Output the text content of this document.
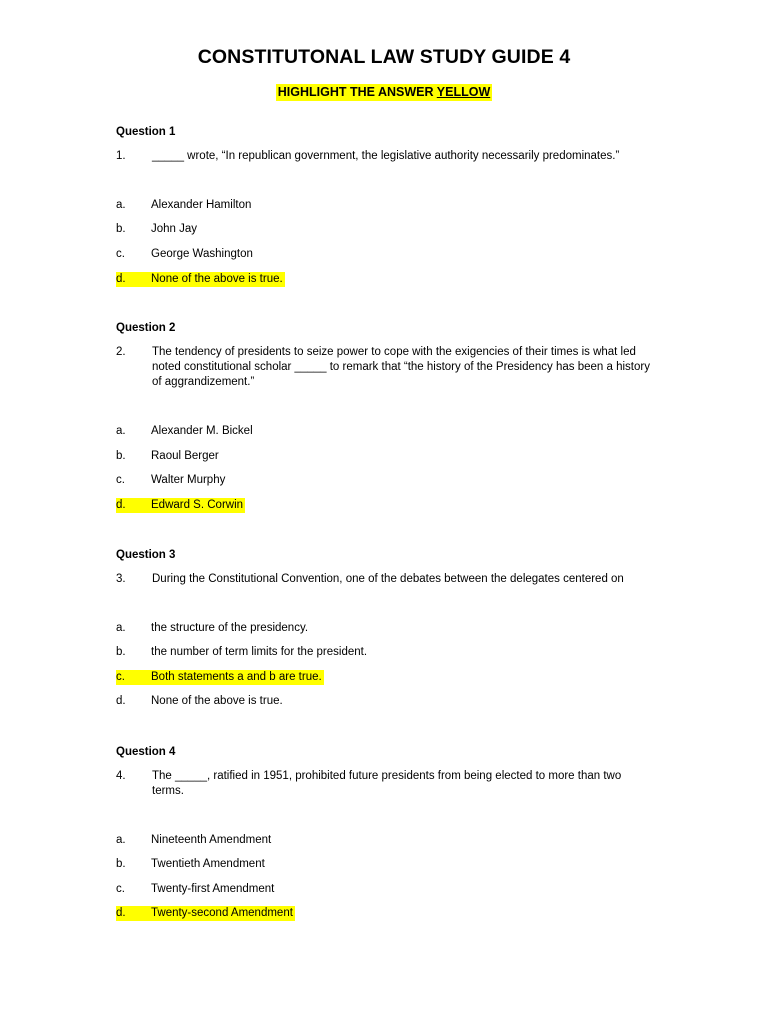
CONSTITUTONAL LAW STUDY GUIDE 4
HIGHLIGHT THE ANSWER YELLOW
Question 1
1. _____ wrote, “In republican government, the legislative authority necessarily predominates.”
a. Alexander Hamilton
b. John Jay
c. George Washington
d. None of the above is true.
Question 2
2. The tendency of presidents to seize power to cope with the exigencies of their times is what led noted constitutional scholar _____ to remark that “the history of the Presidency has been a history of aggrandizement.”
a. Alexander M. Bickel
b. Raoul Berger
c. Walter Murphy
d. Edward S. Corwin
Question 3
3. During the Constitutional Convention, one of the debates between the delegates centered on
a. the structure of the presidency.
b. the number of term limits for the president.
c. Both statements a and b are true.
d. None of the above is true.
Question 4
4. The _____, ratified in 1951, prohibited future presidents from being elected to more than two terms.
a. Nineteenth Amendment
b. Twentieth Amendment
c. Twenty-first Amendment
d. Twenty-second Amendment
